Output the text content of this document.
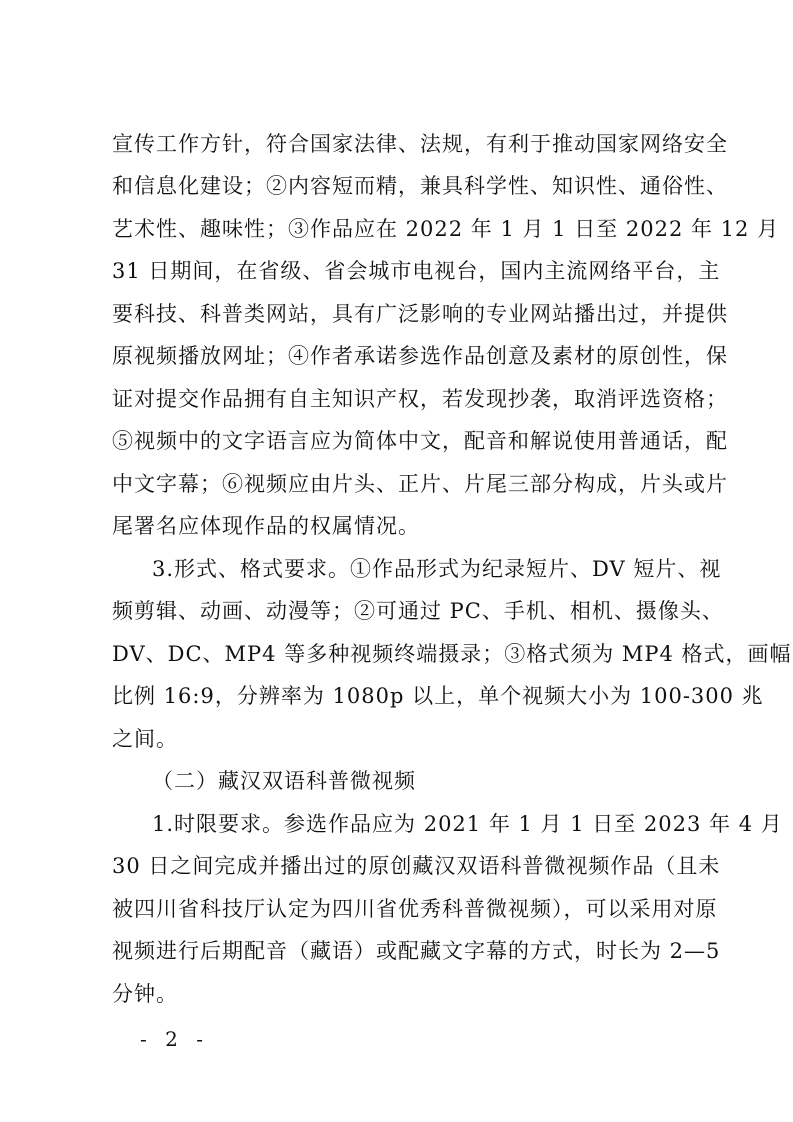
宣传工作方针，符合国家法律、法规，有利于推动国家网络安全
和信息化建设；②内容短而精，兼具科学性、知识性、通俗性、
艺术性、趣味性；③作品应在 2022 年 1 月 1 日至 2022 年 12 月
31 日期间，在省级、省会城市电视台，国内主流网络平台，主
要科技、科普类网站，具有广泛影响的专业网站播出过，并提供
原视频播放网址；④作者承诺参选作品创意及素材的原创性，保
证对提交作品拥有自主知识产权，若发现抄袭，取消评选资格；
⑤视频中的文字语言应为简体中文，配音和解说使用普通话，配
中文字幕；⑥视频应由片头、正片、片尾三部分构成，片头或片
尾署名应体现作品的权属情况。
3.形式、格式要求。①作品形式为纪录短片、DV 短片、视
频剪辑、动画、动漫等；②可通过 PC、手机、相机、摄像头、
DV、DC、MP4 等多种视频终端摄录；③格式须为 MP4 格式，画幅
比例 16:9，分辨率为 1080p 以上，单个视频大小为 100-300 兆
之间。
（二）藏汉双语科普微视频
1.时限要求。参选作品应为 2021 年 1 月 1 日至 2023 年 4 月
30 日之间完成并播出过的原创藏汉双语科普微视频作品（且未
被四川省科技厅认定为四川省优秀科普微视频），可以采用对原
视频进行后期配音（藏语）或配藏文字幕的方式，时长为 2—5
分钟。
- 2 -
